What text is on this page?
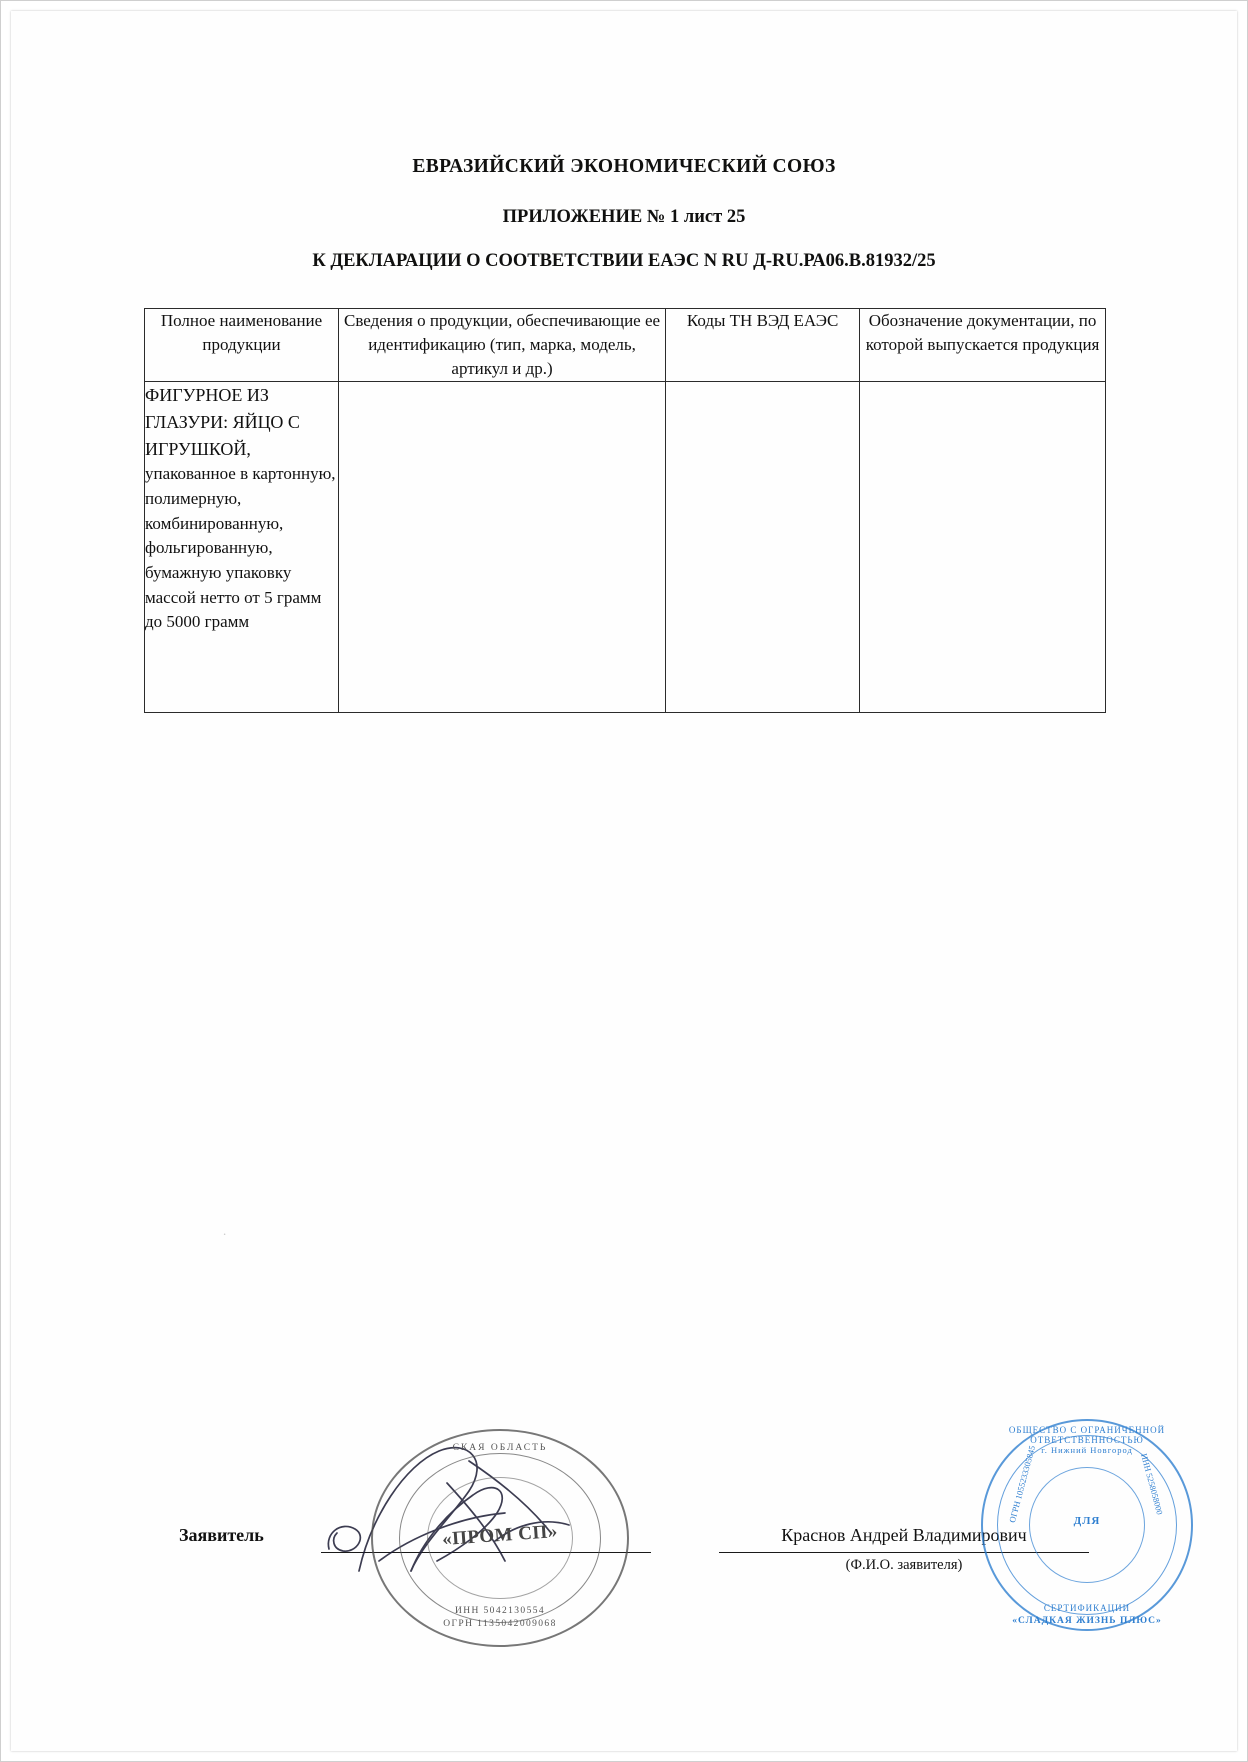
ЕВРАЗИЙСКИЙ ЭКОНОМИЧЕСКИЙ СОЮЗ
ПРИЛОЖЕНИЕ № 1 лист 25
К ДЕКЛАРАЦИИ О СООТВЕТСТВИИ ЕАЭС N RU Д-RU.РА06.В.81932/25
Полное наименование продукции	Сведения о продукции, обеспечивающие ее идентификацию (тип, марка, модель, артикул и др.)	Коды ТН ВЭД ЕАЭС	Обозначение документации, по которой выпускается продукция
ФИГУРНОЕ ИЗ ГЛАЗУРИ: ЯЙЦО С ИГРУШКОЙ, упакованное в картонную, полимерную, комбинированную, фольгированную, бумажную упаковку массой нетто от 5 грамм до 5000 грамм			
.
Заявитель	Краснов Андрей Владимирович
(Ф.И.О. заявителя)
СКАЯ ОБЛАСТЬ
«ПРОМ СП»
ИНН 5042130554
ОГРН 1135042009068
ОБЩЕСТВО С ОГРАНИЧЕННОЙ ОТВЕТСТВЕННОСТЬЮ
г. Нижний Новгород
ДЛЯ
ОГРН 1055233305845	ИНН 5258058000
СЕРТИФИКАЦИИ
«СЛАДКАЯ ЖИЗНЬ ПЛЮС»
